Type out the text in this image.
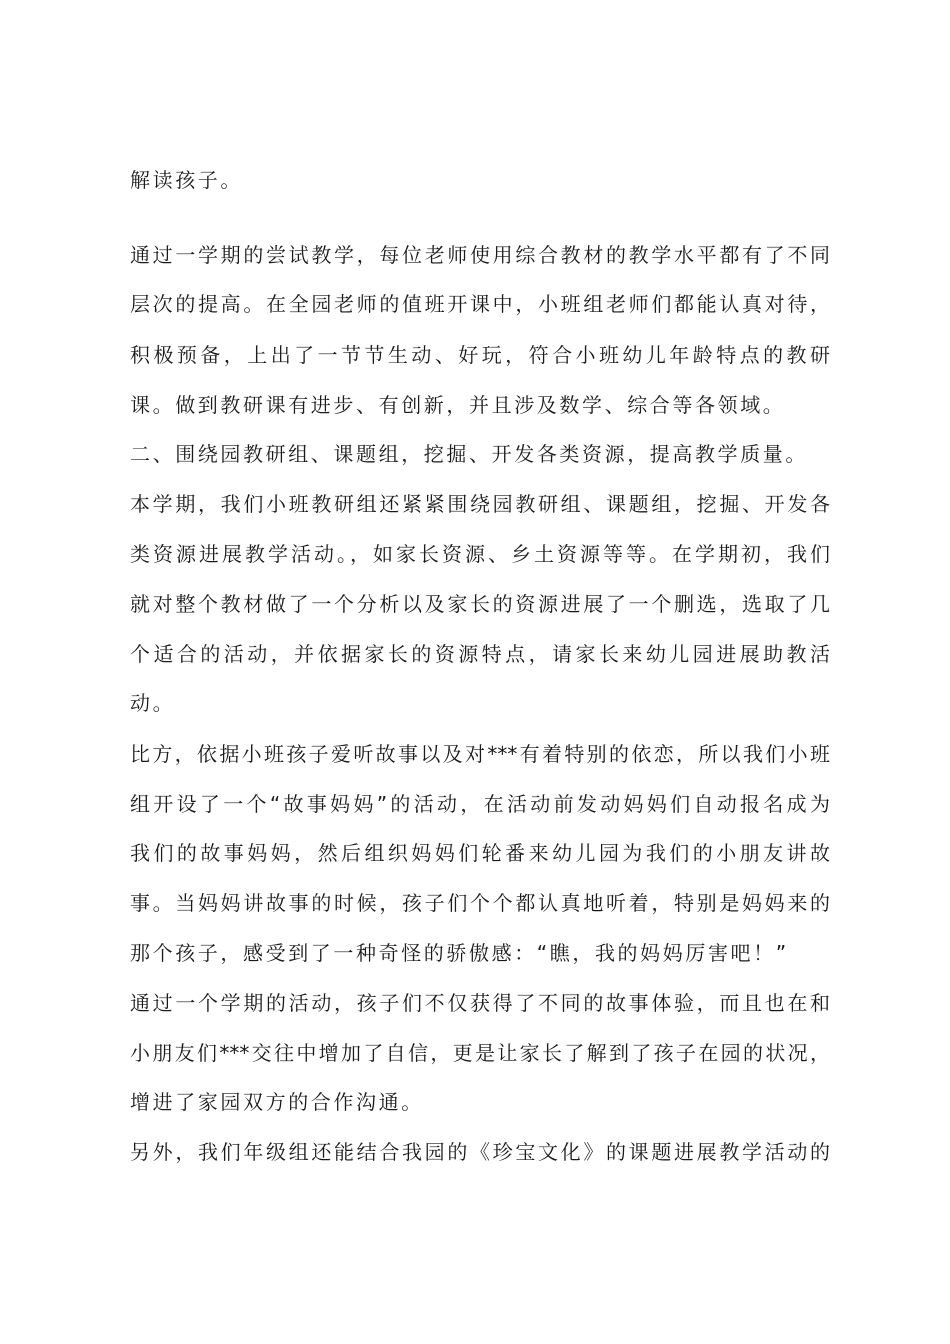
解读孩子。
通过一学期的尝试教学，每位老师使用综合教材的教学水平都有了不同
层次的提高。在全园老师的值班开课中，小班组老师们都能认真对待，
积极预备，上出了一节节生动、好玩，符合小班幼儿年龄特点的教研
课。做到教研课有进步、有创新，并且涉及数学、综合等各领域。
二、围绕园教研组、课题组，挖掘、开发各类资源，提高教学质量。
本学期，我们小班教研组还紧紧围绕园教研组、课题组，挖掘、开发各
类资源进展教学活动。，如家长资源、乡土资源等等。在学期初，我们
就对整个教材做了一个分析以及家长的资源进展了一个删选，选取了几
个适合的活动，并依据家长的资源特点，请家长来幼儿园进展助教活
动。
比方，依据小班孩子爱听故事以及对***有着特别的依恋，所以我们小班
组开设了一个“故事妈妈”的活动，在活动前发动妈妈们自动报名成为
我们的故事妈妈，然后组织妈妈们轮番来幼儿园为我们的小朋友讲故
事。当妈妈讲故事的时候，孩子们个个都认真地听着，特别是妈妈来的
那个孩子，感受到了一种奇怪的骄傲感：“瞧，我的妈妈厉害吧！”
通过一个学期的活动，孩子们不仅获得了不同的故事体验，而且也在和
小朋友们***交往中增加了自信，更是让家长了解到了孩子在园的状况，
增进了家园双方的合作沟通。
另外，我们年级组还能结合我园的《珍宝文化》的课题进展教学活动的
